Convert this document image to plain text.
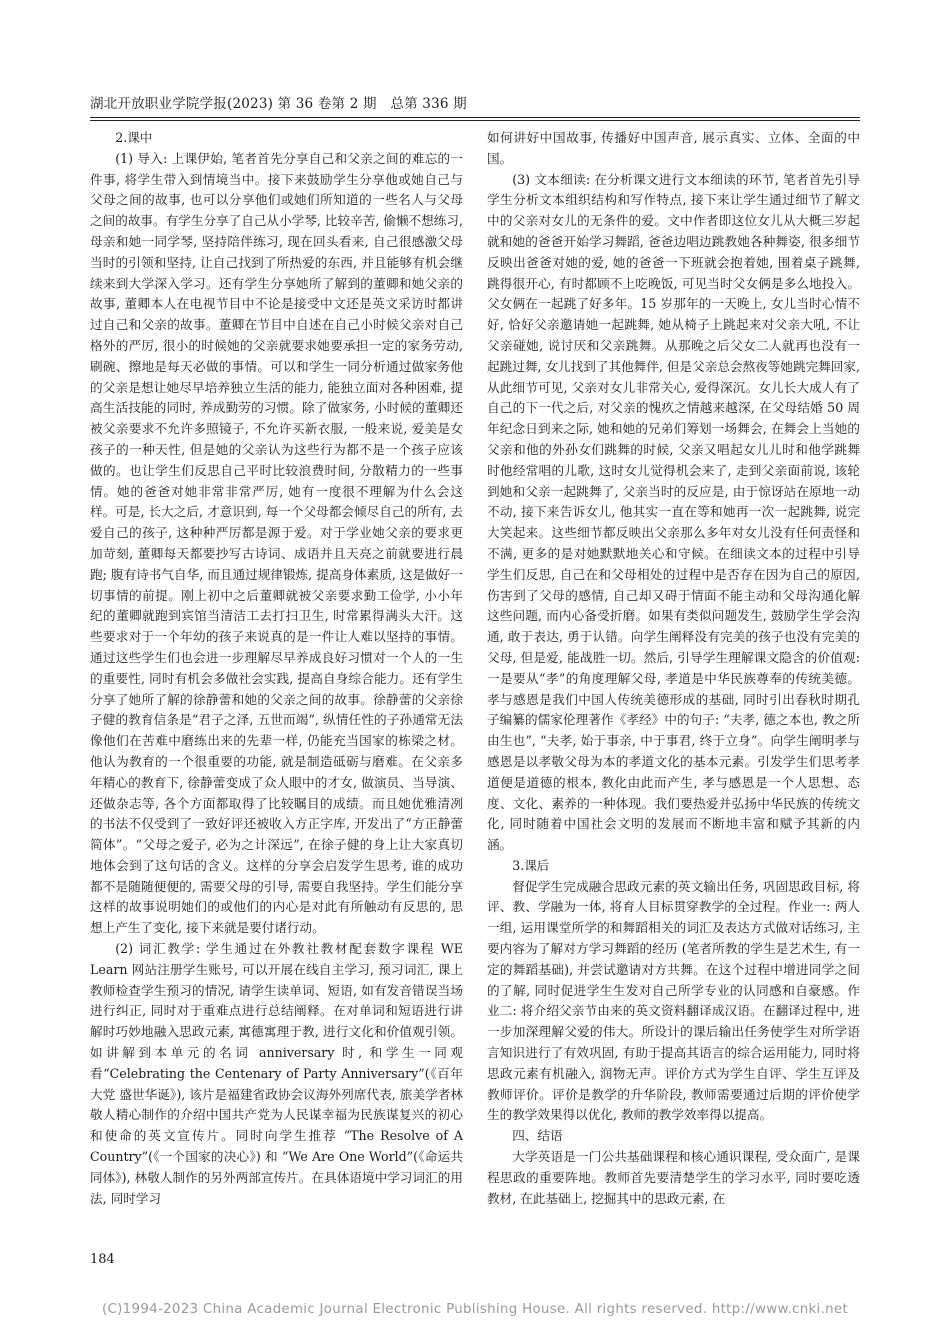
湖北开放职业学院学报(2023) 第 36 卷第 2 期　总第 336 期

2.课中

(1) 导入: 上课伊始, 笔者首先分享自己和父亲之间的难忘的一件事, 将学生带入到情境当中。接下来鼓励学生分享他或她自己与父母之间的故事, 也可以分享他们或她们所知道的一些名人与父母之间的故事。有学生分享了自己从小学琴, 比较辛苦, 偷懒不想练习, 母亲和她一同学琴, 坚持陪伴练习, 现在回头看来, 自己很感激父母当时的引领和坚持, 让自己找到了所热爱的东西, 并且能够有机会继续来到大学深入学习。还有学生分享她所了解到的董卿和她父亲的故事, 董卿本人在电视节目中不论是接受中文还是英文采访时都讲过自己和父亲的故事。董卿在节目中自述在自己小时候父亲对自己格外的严厉, 很小的时候她的父亲就要求她要承担一定的家务劳动, 刷碗、擦地是每天必做的事情。可以和学生一同分析通过做家务他的父亲是想让她尽早培养独立生活的能力, 能独立面对各种困难, 提高生活技能的同时, 养成勤劳的习惯。除了做家务, 小时候的董卿还被父亲要求不允许多照镜子, 不允许买新衣服, 一般来说, 爱美是女孩子的一种天性, 但是她的父亲认为这些行为都不是一个孩子应该做的。也让学生们反思自己平时比较浪费时间, 分散精力的一些事情。她的爸爸对她非常非常严厉, 她有一度很不理解为什么会这样。可是, 长大之后, 才意识到, 每一个父母都会倾尽自己的所有, 去爱自己的孩子, 这种种严厉都是源于爱。对于学业她父亲的要求更加苛刻, 董卿每天都要抄写古诗词、成语并且天亮之前就要进行晨跑; 腹有诗书气自华, 而且通过规律锻炼, 提高身体素质, 这是做好一切事情的前提。刚上初中之后董卿就被父亲要求勤工俭学, 小小年纪的董卿就跑到宾馆当清洁工去打扫卫生, 时常累得满头大汗。这些要求对于一个年幼的孩子来说真的是一件让人难以坚持的事情。通过这些学生们也会进一步理解尽早养成良好习惯对一个人的一生的重要性, 同时有机会多做社会实践, 提高自身综合能力。还有学生分享了她所了解的徐静蕾和她的父亲之间的故事。徐静蕾的父亲徐子健的教育信条是“君子之泽, 五世而竭”, 纵情任性的子孙通常无法像他们在苦难中磨练出来的先辈一样, 仍能充当国家的栋梁之材。他认为教育的一个很重要的功能, 就是制造砥砺与磨难。在父亲多年精心的教育下, 徐静蕾变成了众人眼中的才女, 做演员、当导演、还做杂志等, 各个方面都取得了比较瞩目的成绩。而且她优雅清冽的书法不仅受到了一致好评还被收入方正字库, 开发出了“方正静蕾简体”。“父母之爱子, 必为之计深远”, 在徐子健的身上让大家真切地体会到了这句话的含义。这样的分享会启发学生思考, 谁的成功都不是随随便便的, 需要父母的引导, 需要自我坚持。学生们能分享这样的故事说明她们的或他们的内心是对此有所触动有反思的, 思想上产生了变化, 接下来就是要付诸行动。

(2) 词汇教学: 学生通过在外教社教材配套数字课程 WE Learn 网站注册学生账号, 可以开展在线自主学习, 预习词汇, 课上教师检查学生预习的情况, 请学生读单词、短语, 如有发音错误当场进行纠正, 同时对于重难点进行总结阐释。在对单词和短语进行讲解时巧妙地融入思政元素, 寓德寓理于教, 进行文化和价值观引领。如讲解到本单元的名词 anniversary 时, 和学生一同观看“Celebrating the Centenary of Party Anniversary”(《百年大党 盛世华诞》), 该片是福建省政协会议海外列席代表, 旅美学者林敬人精心制作的介绍中国共产党为人民谋幸福为民族谋复兴的初心和使命的英文宣传片。同时向学生推荐 “The Resolve of A Country”(《一个国家的决心》) 和 “We Are One World”(《命运共同体》), 林敬人制作的另外两部宣传片。在具体语境中学习词汇的用法, 同时学习

如何讲好中国故事, 传播好中国声音, 展示真实、立体、全面的中国。

(3) 文本细读: 在分析课文进行文本细读的环节, 笔者首先引导学生分析文本组织结构和写作特点, 接下来让学生通过细节了解文中的父亲对女儿的无条件的爱。文中作者即这位女儿从大概三岁起就和她的爸爸开始学习舞蹈, 爸爸边唱边跳教她各种舞姿, 很多细节反映出爸爸对她的爱, 她的爸爸一下班就会抱着她, 围着桌子跳舞, 跳得很开心, 有时都顾不上吃晚饭, 可见当时父女俩是多么地投入。父女俩在一起跳了好多年。15 岁那年的一天晚上, 女儿当时心情不好, 恰好父亲邀请她一起跳舞, 她从椅子上跳起来对父亲大吼, 不让父亲碰她, 说讨厌和父亲跳舞。从那晚之后父女二人就再也没有一起跳过舞, 女儿找到了其他舞伴, 但是父亲总会熬夜等她跳完舞回家, 从此细节可见, 父亲对女儿非常关心, 爱得深沉。女儿长大成人有了自己的下一代之后, 对父亲的愧疚之情越来越深, 在父母结婚 50 周年纪念日到来之际, 她和她的兄弟们筹划一场舞会, 在舞会上当她的父亲和他的外孙女们跳舞的时候, 父亲又唱起女儿儿时和他学跳舞时他经常唱的儿歌, 这时女儿觉得机会来了, 走到父亲面前说, 该轮到她和父亲一起跳舞了, 父亲当时的反应是, 由于惊讶站在原地一动不动, 接下来告诉女儿, 他其实一直在等和她再一次一起跳舞, 说完大笑起来。这些细节都反映出父亲那么多年对女儿没有任何责怪和不满, 更多的是对她默默地关心和守候。在细读文本的过程中引导学生们反思, 自己在和父母相处的过程中是否存在因为自己的原因, 伤害到了父母的感情, 自己却又碍于情面不能主动和父母沟通化解这些问题, 而内心备受折磨。如果有类似问题发生, 鼓励学生学会沟通, 敢于表达, 勇于认错。向学生阐释没有完美的孩子也没有完美的父母, 但是爱, 能战胜一切。然后, 引导学生理解课文隐含的价值观: 一是要从“孝”的角度理解父母, 孝道是中华民族尊奉的传统美德。孝与感恩是我们中国人传统美德形成的基础, 同时引出春秋时期孔子编纂的儒家伦理著作《孝经》中的句子: “夫孝, 德之本也, 教之所由生也”, “夫孝, 始于事亲, 中于事君, 终于立身”。向学生阐明孝与感恩是以孝敬父母为本的孝道文化的基本元素。引发学生们思考孝道便是道德的根本, 教化由此而产生, 孝与感恩是一个人思想、态度、文化、素养的一种体现。我们要热爱并弘扬中华民族的传统文化, 同时随着中国社会文明的发展而不断地丰富和赋予其新的内涵。

3.课后

督促学生完成融合思政元素的英文输出任务, 巩固思政目标, 将评、教、学融为一体, 将育人目标贯穿教学的全过程。作业一: 两人一组, 运用课堂所学的和舞蹈相关的词汇及表达方式做对话练习, 主要内容为了解对方学习舞蹈的经历 (笔者所教的学生是艺术生, 有一定的舞蹈基础), 并尝试邀请对方共舞。在这个过程中增进同学之间的了解, 同时促进学生生发对自己所学专业的认同感和自豪感。作业二: 将介绍父亲节由来的英文资料翻译成汉语。在翻译过程中, 进一步加深理解父爱的伟大。所设计的课后输出任务使学生对所学语言知识进行了有效巩固, 有助于提高其语言的综合运用能力, 同时将思政元素有机融入, 润物无声。评价方式为学生自评、学生互评及教师评价。评价是教学的升华阶段, 教师需要通过后期的评价使学生的教学效果得以优化, 教师的教学效率得以提高。

四、结语

大学英语是一门公共基础课程和核心通识课程, 受众面广, 是课程思政的重要阵地。教师首先要清楚学生的学习水平, 同时要吃透教材, 在此基础上, 挖掘其中的思政元素, 在

184
(C)1994-2023 China Academic Journal Electronic Publishing House. All rights reserved. http://www.cnki.net
